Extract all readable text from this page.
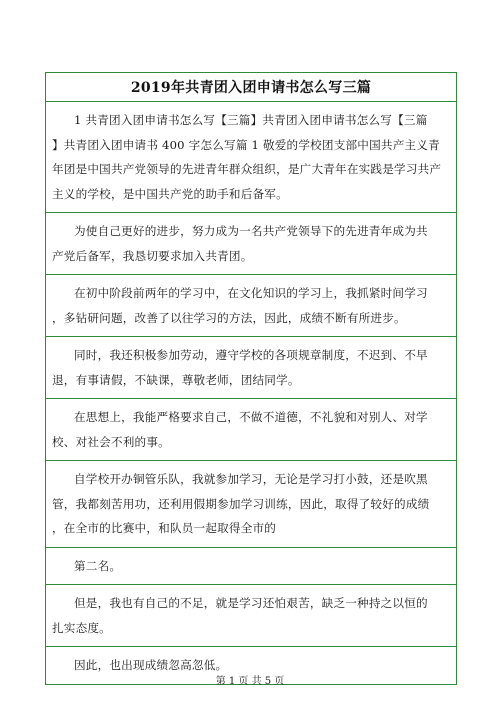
2019年共青团入团申请书怎么写三篇
1 共青团入团申请书怎么写【三篇】共青团入团申请书怎么写【三篇
】共青团入团申请书 400 字怎么写篇 1 敬爱的学校团支部中国共产主义青
年团是中国共产党领导的先进青年群众组织，是广大青年在实践是学习共产
主义的学校，是中国共产党的助手和后备军。
为使自己更好的进步，努力成为一名共产党领导下的先进青年成为共
产党后备军，我恳切要求加入共青团。
在初中阶段前两年的学习中，在文化知识的学习上，我抓紧时间学习
，多钻研问题，改善了以往学习的方法，因此，成绩不断有所进步。
同时，我还积极参加劳动，遵守学校的各项规章制度，不迟到、不早
退，有事请假，不缺课，尊敬老师，团结同学。
在思想上，我能严格要求自己，不做不道德，不礼貌和对别人、对学
校、对社会不利的事。
自学校开办铜管乐队，我就参加学习，无论是学习打小鼓，还是吹黑
管，我都刻苦用功，还利用假期参加学习训练，因此，取得了较好的成绩
，在全市的比赛中，和队员一起取得全市的
第二名。
但是，我也有自己的不足，就是学习还怕艰苦，缺乏一种持之以恒的
扎实态度。
因此，也出现成绩忽高忽低。
第 1 页 共 5 页
